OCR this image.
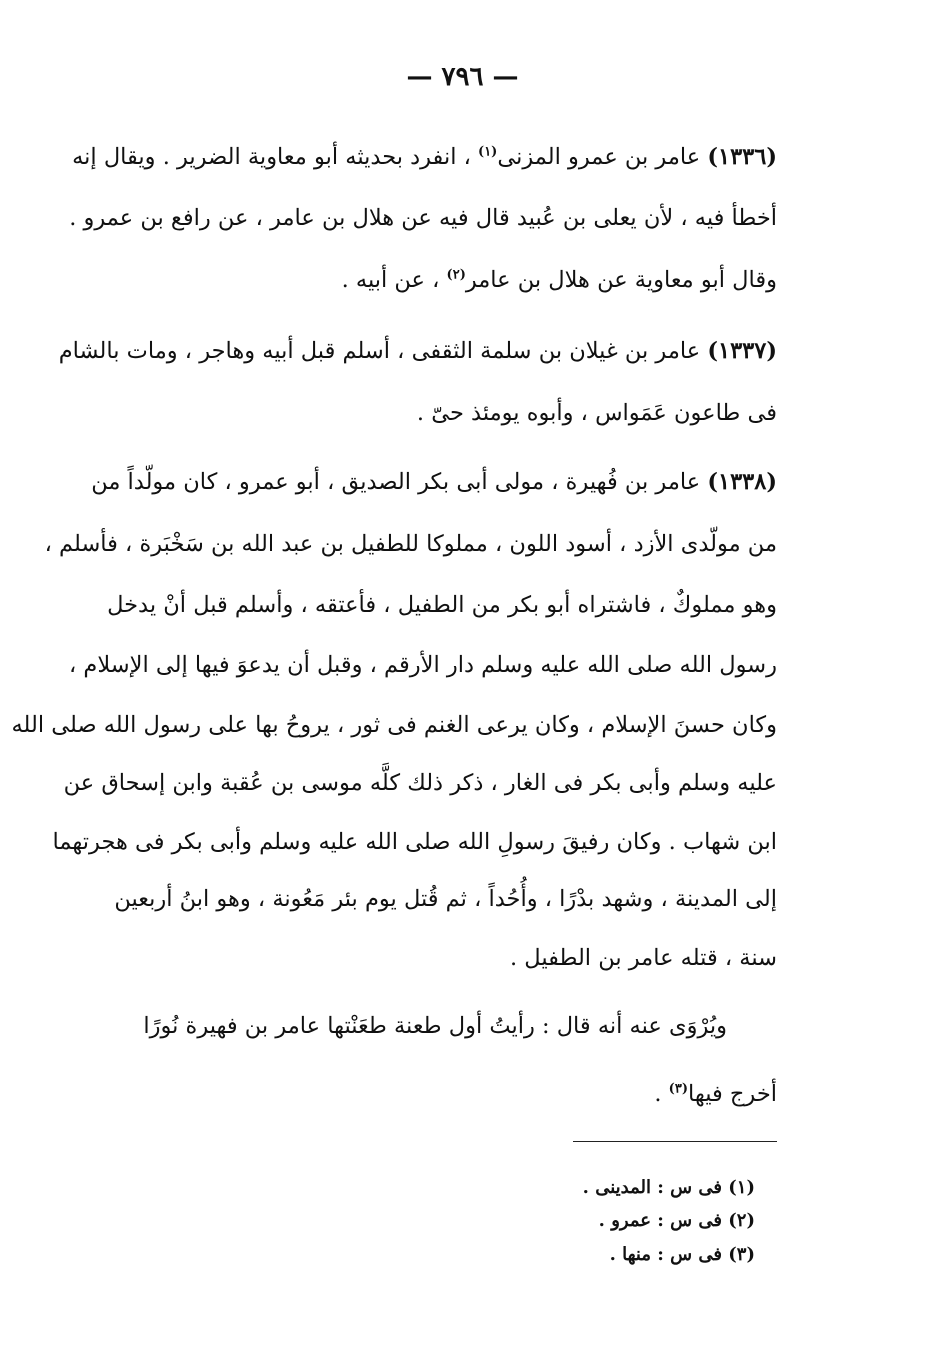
— ٧٩٦ —
(١٣٣٦) عامر بن عمرو المزنى$^{(١)}$ ، انفرد بحديثه أبو معاوية الضرير . ويقال إنه
أخطأ فيه ، لأن يعلى بن عُبيد قال فيه عن هلال بن عامر ، عن رافع بن عمرو .
وقال أبو معاوية عن هلال بن عامر$^{(٢)}$ ، عن أبيه .
(١٣٣٧) عامر بن غيلان بن سلمة الثقفى ، أسلم قبل أبيه وهاجر ، ومات بالشام
فى طاعون عَمَواس ، وأبوه يومئذ حىّ .
(١٣٣٨) عامر بن فُهيرة ، مولى أبى بكر الصديق ، أبو عمرو ، كان مولّداً من
من مولّدى الأزد ، أسود اللون ، مملوكا للطفيل بن عبد الله بن سَخْبَرة ، فأسلم ،
وهو مملوكٌ ، فاشتراه أبو بكر من الطفيل ، فأعتقه ، وأسلم قبل أنْ يدخل
رسول الله صلى الله عليه وسلم دار الأرقم ، وقبل أن يدعوَ فيها إلى الإسلام ،
وكان حسنَ الإسلام ، وكان يرعى الغنم فى ثور ، يروحُ بها على رسول الله صلى الله
عليه وسلم وأبى بكر فى الغار ، ذكر ذلك كلَّه موسى بن عُقبة وابن إسحاق عن
ابن شهاب . وكان رفيقَ رسولِ الله صلى الله عليه وسلم وأبى بكر فى هجرتهما
إلى المدينة ، وشهد بدْرًا ، وأُحُداً ، ثم قُتل يوم بئر مَعُونة ، وهو ابنُ أربعين
سنة ، قتله عامر بن الطفيل .
ويُرْوَى عنه أنه قال : رأيتُ أول طعنة طعَنْتها عامر بن فهيرة نُورًا
أخرج فيها$^{(٣)}$ .
(١) فى س : المدينى .
(٢) فى س : عمرو .
(٣) فى س : منها .
